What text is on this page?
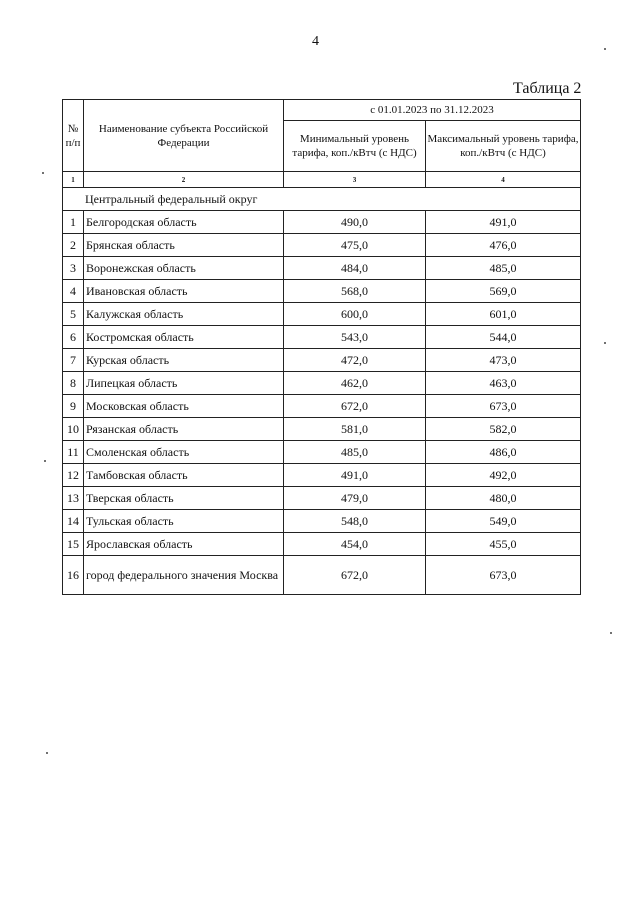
4
Таблица 2
№ п/п	Наименование субъекта Российской Федерации	с 01.01.2023 по 31.12.2023	
		Минимальный уровень тарифа, коп./кВтч (с НДС)	Максимальный уровень тарифа, коп./кВтч (с НДС)
1	2	3	4
Центральный федеральный округ			
1	Белгородская область	490,0	491,0
2	Брянская область	475,0	476,0
3	Воронежская область	484,0	485,0
4	Ивановская область	568,0	569,0
5	Калужская область	600,0	601,0
6	Костромская область	543,0	544,0
7	Курская область	472,0	473,0
8	Липецкая область	462,0	463,0
9	Московская область	672,0	673,0
10	Рязанская область	581,0	582,0
11	Смоленская область	485,0	486,0
12	Тамбовская область	491,0	492,0
13	Тверская область	479,0	480,0
14	Тульская область	548,0	549,0
15	Ярославская область	454,0	455,0
16	город федерального значения Москва	672,0	673,0
